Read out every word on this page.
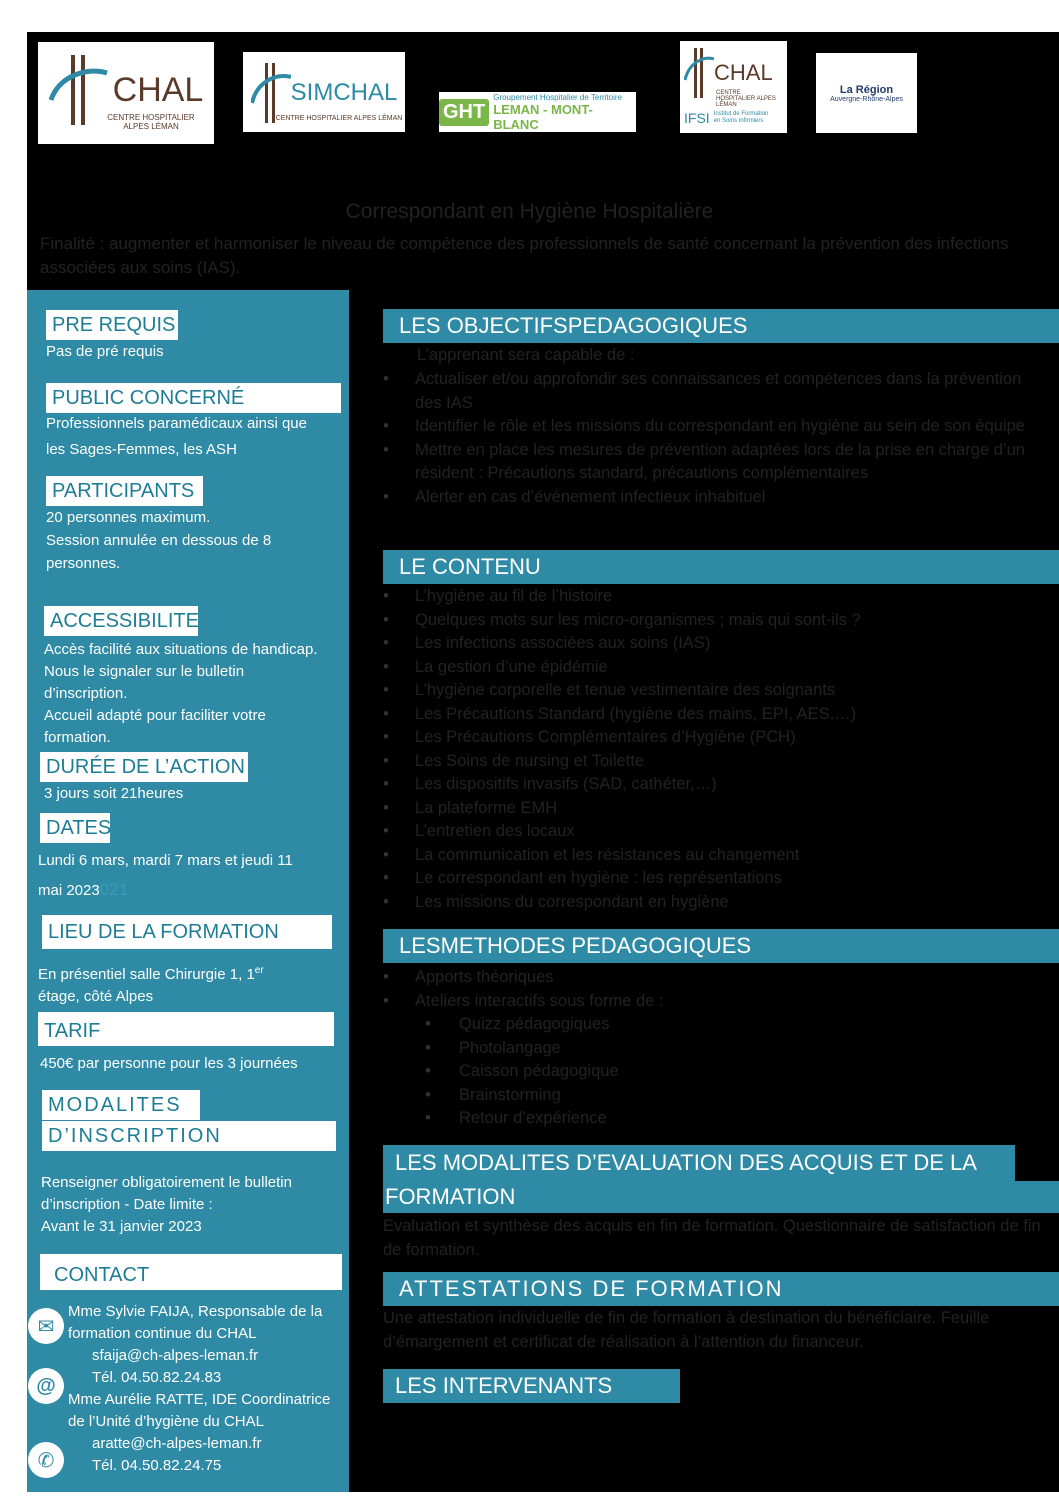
CHAL
CENTRE HOSPITALIER ALPES LÉMAN
SIMCHAL
CENTRE HOSPITALIER ALPES LÉMAN GHT
Groupement Hospitalier de Territoire
LEMAN - MONT-BLANC
CHAL
CENTRE HOSPITALIER ALPES LÉMAN
IFSI Institut de Formation en Soins Infirmiers
La Région
Auvergne-Rhône-Alpes
Correspondant en Hygiène Hospitalière
Finalité : augmenter et harmoniser le niveau de compétence des professionnels de santé concernant la prévention des infections associées aux soins (IAS).
PRE REQUIS
Pas de pré requis
PUBLIC CONCERNÉ
Professionnels paramédicaux ainsi que
les Sages-Femmes, les ASH
PARTICIPANTS
20 personnes maximum.
Session annulée en dessous de 8
personnes.
ACCESSIBILITE
Accès facilité aux situations de handicap.
Nous le signaler sur le bulletin
d’inscription.
Accueil adapté pour faciliter votre
formation.
DURÉE DE L’ACTION
3 jours soit 21heures
DATES
Lundi 6 mars, mardi 7 mars et jeudi 11
mai 2023021
LIEU DE LA FORMATION
En présentiel salle Chirurgie 1, 1er
étage, côté Alpes
TARIF
450€ par personne pour les 3 journées
MODALITES
D’INSCRIPTION
Renseigner obligatoirement le bulletin
d’inscription - Date limite :
Avant le 31 janvier 2023
CONTACT
✉
@
✆
Mme Sylvie FAIJA, Responsable de la
formation continue du CHAL
sfaija@ch-alpes-leman.fr
Tél. 04.50.82.24.83
Mme Aurélie RATTE, IDE Coordinatrice
de l’Unité d’hygiène du CHAL
aratte@ch-alpes-leman.fr
Tél. 04.50.82.24.75
LES OBJECTIFSPEDAGOGIQUES
L’apprenant sera capable de :
• Actualiser et/ou approfondir ses connaissances et compétences dans la prévention des IAS
• Identifier le rôle et les missions du correspondant en hygiène au sein de son équipe
• Mettre en place les mesures de prévention adaptées lors de la prise en charge d’un résident : Précautions standard, précautions complémentaires
• Alerter en cas d’événement infectieux inhabituel
LE CONTENU
• L’hygiène au fil de l’histoire
• Quelques mots sur les micro-organismes ; mais qui sont-ils ?
• Les infections associées aux soins (IAS)
• La gestion d’une épidémie
• L’hygiène corporelle et tenue vestimentaire des soignants
• Les Précautions Standard (hygiène des mains, EPI, AES,…)
• Les Précautions Complémentaires d’Hygiène (PCH)
• Les Soins de nursing et Toilette
• Les dispositifs invasifs (SAD, cathéter,…)
• La plateforme EMH
• L’entretien des locaux
• La communication et les résistances au changement
• Le correspondant en hygiène : les représentations
• Les missions du correspondant en hygiène
LESMETHODES PEDAGOGIQUES
• Apports théoriques
• Ateliers interactifs sous forme de :
• Quizz pédagogiques
• Photolangage
• Caisson pédagogique
• Brainstorming
• Retour d’expérience
LES MODALITES D’EVALUATION DES ACQUIS ET DE LA
FORMATION
Evaluation et synthèse des acquis en fin de formation. Questionnaire de satisfaction de fin de formation.
ATTESTATIONS DE FORMATION
Une attestation individuelle de fin de formation à destination du bénéficiaire. Feuille d’émargement et certificat de réalisation à l’attention du financeur.
LES INTERVENANTS
